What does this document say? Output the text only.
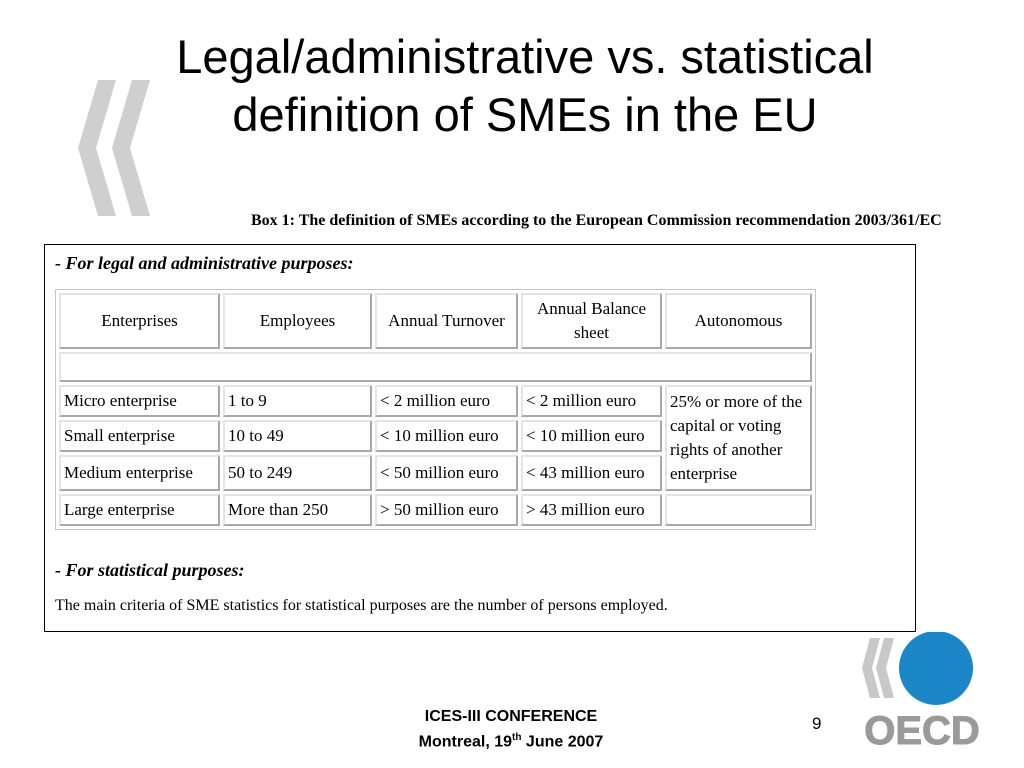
Legal/administrative vs. statistical
definition of SMEs in the EU
Box 1: The definition of SMEs according to the European Commission recommendation 2003/361/EC
- For legal and administrative purposes:
Enterprises	Employees	Annual Turnover	Annual Balance sheet	Autonomous

Micro enterprise	1 to 9	< 2 million euro	< 2 million euro	25% or more of the capital or voting rights of another enterprise
Small enterprise	10 to 49	< 10 million euro	< 10 million euro	
Medium enterprise	50 to 249	< 50 million euro	< 43 million euro	
Large enterprise	More than 250	> 50 million euro	> 43 million euro	
- For statistical purposes:
The main criteria of SME statistics for statistical purposes are the number of persons employed.
ICES-III CONFERENCE
Montreal, 19th June 2007
9 OECD
